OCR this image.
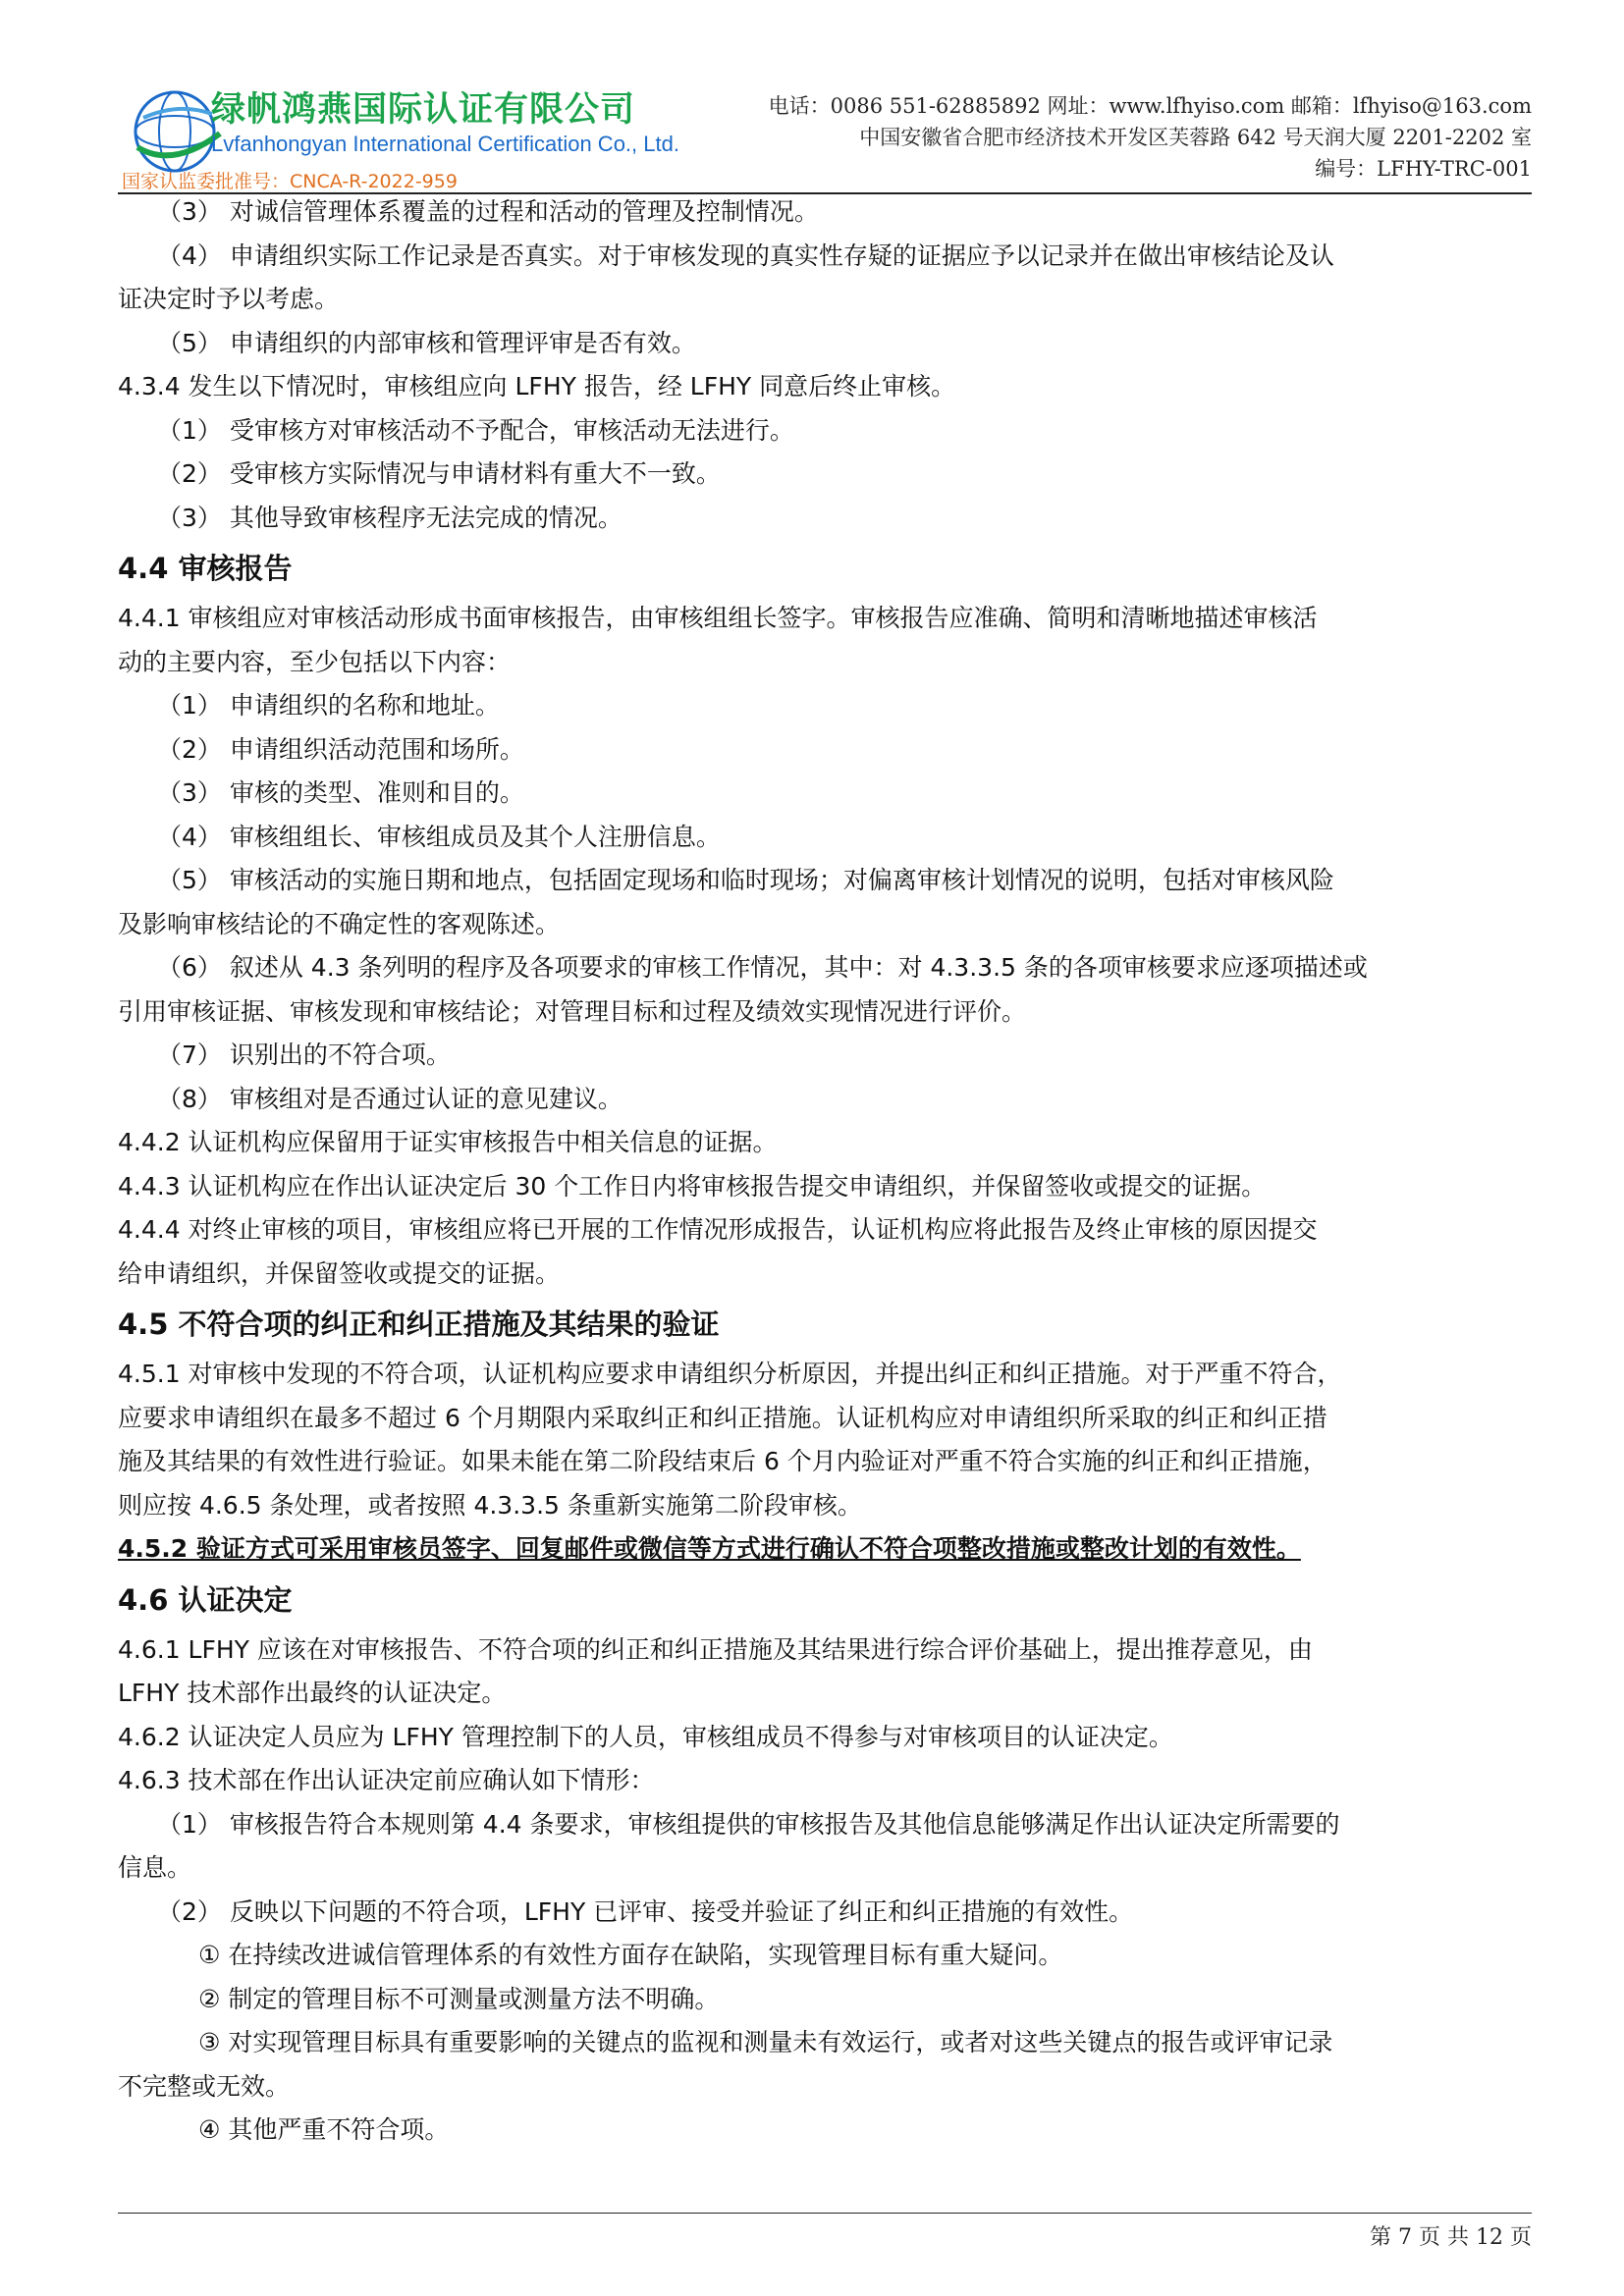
绿帆鸿燕国际认证有限公司
Lvfanhongyan International Certification Co., Ltd.
国家认监委批准号：CNCA-R-2022-959
电话：0086 551-62885892 网址：www.lfhyiso.com 邮箱：lfhyiso@163.com
中国安徽省合肥市经济技术开发区芙蓉路 642 号天润大厦 2201-2202 室
编号：LFHY-TRC-001

（3） 对诚信管理体系覆盖的过程和活动的管理及控制情况。

（4） 申请组织实际工作记录是否真实。对于审核发现的真实性存疑的证据应予以记录并在做出审核结论及认

证决定时予以考虑。

（5） 申请组织的内部审核和管理评审是否有效。

4.3.4 发生以下情况时，审核组应向 LFHY 报告，经 LFHY 同意后终止审核。

（1） 受审核方对审核活动不予配合，审核活动无法进行。

（2） 受审核方实际情况与申请材料有重大不一致。

（3） 其他导致审核程序无法完成的情况。

4.4 审核报告

4.4.1 审核组应对审核活动形成书面审核报告，由审核组组长签字。审核报告应准确、简明和清晰地描述审核活

动的主要内容，至少包括以下内容：

（1） 申请组织的名称和地址。

（2） 申请组织活动范围和场所。

（3） 审核的类型、准则和目的。

（4） 审核组组长、审核组成员及其个人注册信息。

（5） 审核活动的实施日期和地点，包括固定现场和临时现场；对偏离审核计划情况的说明，包括对审核风险

及影响审核结论的不确定性的客观陈述。

（6） 叙述从 4.3 条列明的程序及各项要求的审核工作情况，其中：对 4.3.3.5 条的各项审核要求应逐项描述或

引用审核证据、审核发现和审核结论；对管理目标和过程及绩效实现情况进行评价。

（7） 识别出的不符合项。

（8） 审核组对是否通过认证的意见建议。

4.4.2 认证机构应保留用于证实审核报告中相关信息的证据。

4.4.3 认证机构应在作出认证决定后 30 个工作日内将审核报告提交申请组织，并保留签收或提交的证据。

4.4.4 对终止审核的项目，审核组应将已开展的工作情况形成报告，认证机构应将此报告及终止审核的原因提交

给申请组织，并保留签收或提交的证据。

4.5 不符合项的纠正和纠正措施及其结果的验证

4.5.1 对审核中发现的不符合项，认证机构应要求申请组织分析原因，并提出纠正和纠正措施。对于严重不符合，

应要求申请组织在最多不超过 6 个月期限内采取纠正和纠正措施。认证机构应对申请组织所采取的纠正和纠正措

施及其结果的有效性进行验证。如果未能在第二阶段结束后 6 个月内验证对严重不符合实施的纠正和纠正措施，

则应按 4.6.5 条处理，或者按照 4.3.3.5 条重新实施第二阶段审核。

4.5.2 验证方式可采用审核员签字、回复邮件或微信等方式进行确认不符合项整改措施或整改计划的有效性。

4.6 认证决定

4.6.1 LFHY 应该在对审核报告、不符合项的纠正和纠正措施及其结果进行综合评价基础上，提出推荐意见，由

LFHY 技术部作出最终的认证决定。

4.6.2 认证决定人员应为 LFHY 管理控制下的人员，审核组成员不得参与对审核项目的认证决定。

4.6.3 技术部在作出认证决定前应确认如下情形：

（1） 审核报告符合本规则第 4.4 条要求，审核组提供的审核报告及其他信息能够满足作出认证决定所需要的

信息。

（2） 反映以下问题的不符合项，LFHY 已评审、接受并验证了纠正和纠正措施的有效性。

① 在持续改进诚信管理体系的有效性方面存在缺陷，实现管理目标有重大疑问。

② 制定的管理目标不可测量或测量方法不明确。

③ 对实现管理目标具有重要影响的关键点的监视和测量未有效运行，或者对这些关键点的报告或评审记录

不完整或无效。

④ 其他严重不符合项。

第 7 页 共 12 页
